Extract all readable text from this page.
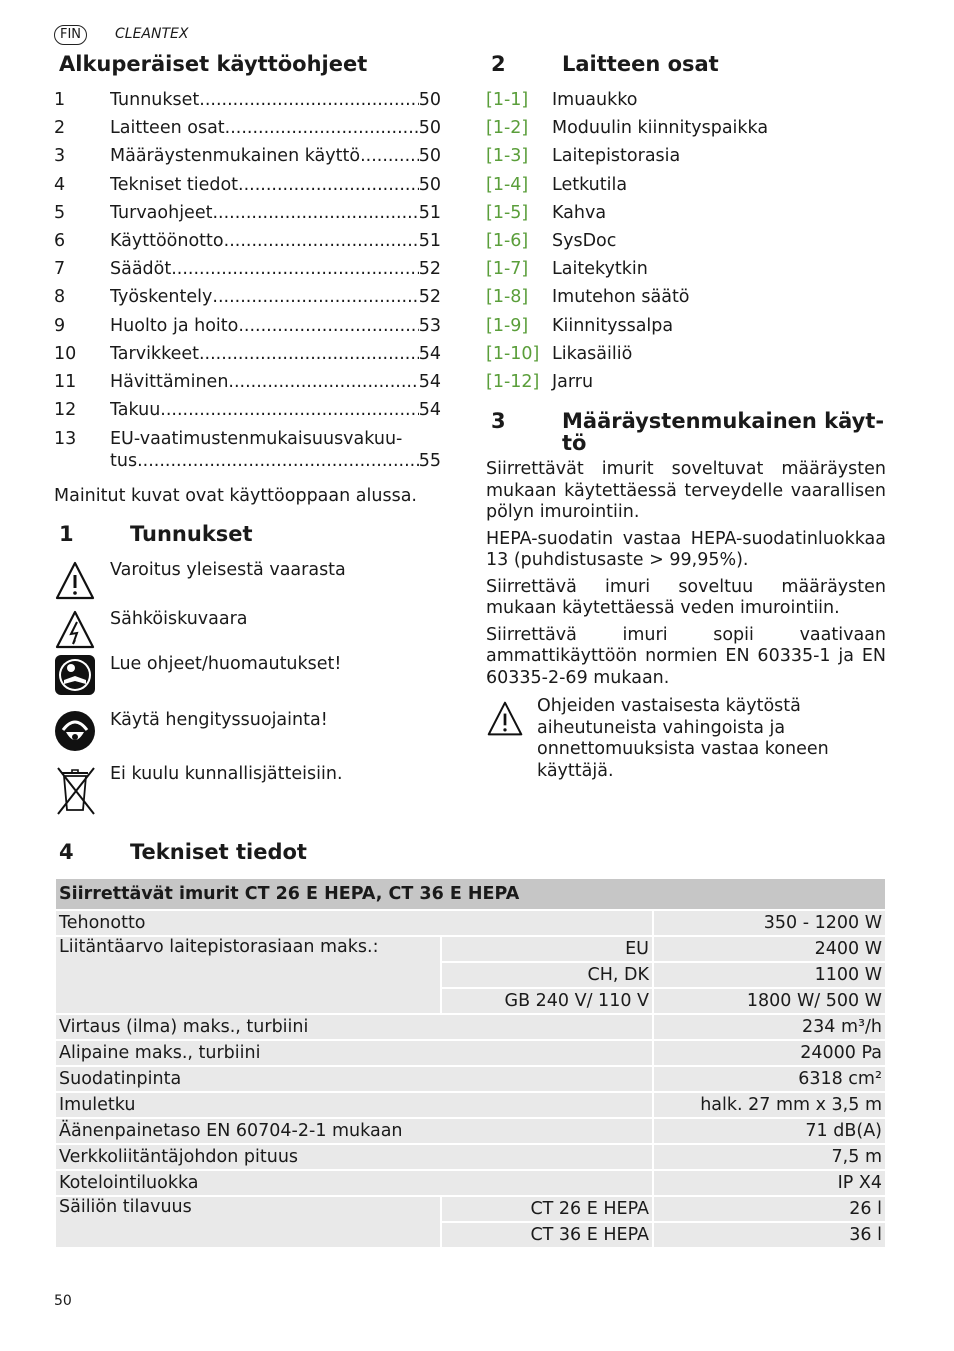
FIN	CLEANTEX
Alkuperäiset käyttöohjeet
1	Tunnukset .....	50
2	Laitteen osat .....	50
3	Määräystenmukainen käyttö .....	50
4	Tekniset tiedot .....	50
5	Turvaohjeet .....	51
6	Käyttöönotto .....	51
7	Säädöt .....	52
8	Työskentely .....	52
9	Huolto ja hoito .....	53
10	Tarvikkeet .....	54
11	Hävittäminen .....	54
12	Takuu .....	54
13	EU-vaatimustenmukaisuusvakuu-
tus .....	55
Mainitut kuvat ovat käyttöoppaan alussa.
1	Tunnukset
Varoitus yleisestä vaarasta
Sähköiskuvaara
Lue ohjeet/huomautukset!
Käytä hengityssuojainta!
Ei kuulu kunnallisjätteisiin.
2	Laitteen osat
[1-1]	Imuaukko
[1-2]	Moduulin kiinnityspaikka
[1-3]	Laitepistorasia
[1-4]	Letkutila
[1-5]	Kahva
[1-6]	SysDoc
[1-7]	Laitekytkin
[1-8]	Imutehon säätö
[1-9]	Kiinnityssalpa
[1-10] Likasäiliö
[1-12] Jarru
3	Määräystenmukainen käyt-
tö

Siirrettävät imurit soveltuvat määräysten mukaan käytettäessä terveydelle vaarallisen pölyn imurointiin.

HEPA-suodatin vastaa HEPA-suodatinluokkaa 13 (puhdistusaste > 99,95%).

Siirrettävä imuri soveltuu määräysten mukaan käytettäessä veden imurointiin.

Siirrettävä imuri sopii vaativaan ammattikäyttöön normien EN 60335-1 ja EN 60335-2-69 mukaan.

Ohjeiden vastaisesta käytöstä aiheutuneista vahingoista ja onnettomuuksista vastaa koneen käyttäjä.
4	Tekniset tiedot
Siirrettävät imurit CT 26 E HEPA, CT 36 E HEPA		
Tehonotto		350 - 1200 W
Liitäntäarvo laitepistorasiaan maks.:	EU	2400 W
	CH, DK	1100 W
	GB 240 V/ 110 V	1800 W/ 500 W
Virtaus (ilma) maks., turbiini		234 m³/h
Alipaine maks., turbiini		24000 Pa
Suodatinpinta		6318 cm²
Imuletku		halk. 27 mm x 3,5 m
Äänenpainetaso EN 60704-2-1 mukaan		71 dB(A)
Verkkoliitäntäjohdon pituus		7,5 m
Kotelointiluokka		IP X4
Säiliön tilavuus	CT 26 E HEPA	26 l
	CT 36 E HEPA	36 l
50
